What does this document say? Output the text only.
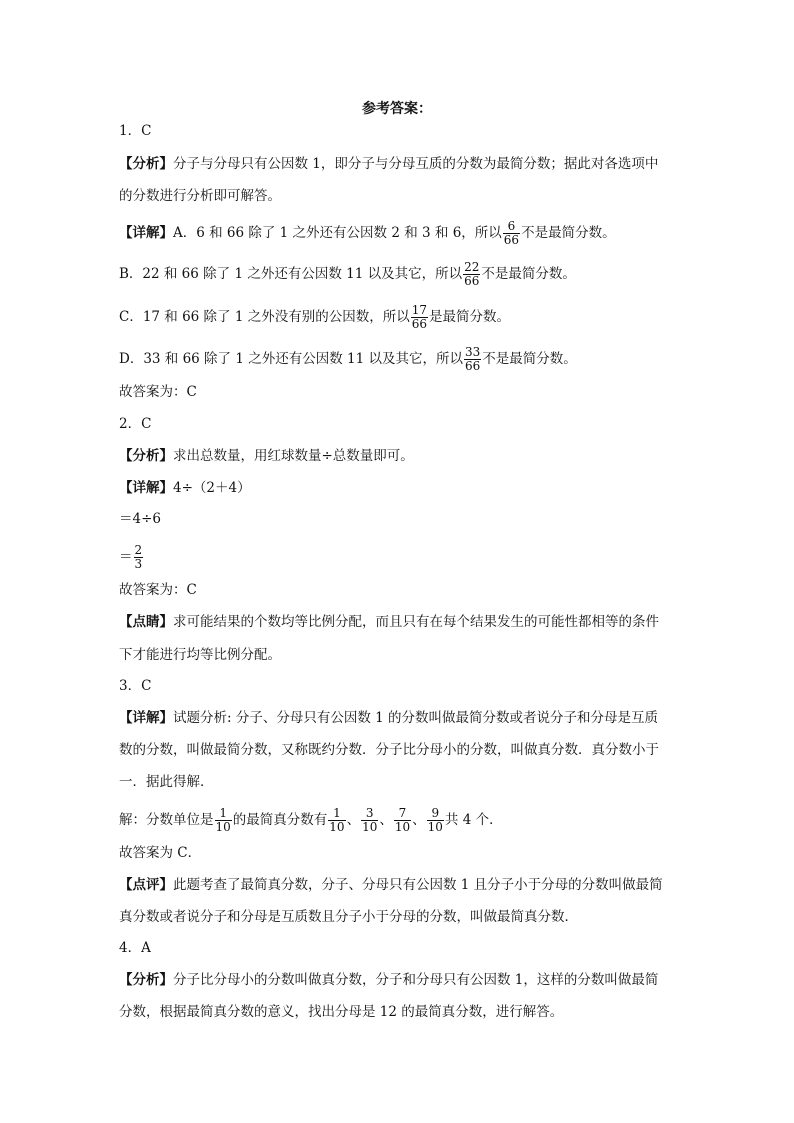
参考答案：
1．C
【分析】分子与分母只有公因数 1，即分子与分母互质的分数为最简分数；据此对各选项中
的分数进行分析即可解答。
【详解】A．6 和 66 除了 1 之外还有公因数 2 和 3 和 6，所以 $\frac{6}{66}$ 不是最简分数。
B．22 和 66 除了 1 之外还有公因数 11 以及其它，所以 $\frac{22}{66}$ 不是最简分数。
C．17 和 66 除了 1 之外没有别的公因数，所以 $\frac{17}{66}$ 是最简分数。
D．33 和 66 除了 1 之外还有公因数 11 以及其它，所以 $\frac{33}{66}$ 不是最简分数。
故答案为：C
2．C
【分析】求出总数量，用红球数量÷总数量即可。
【详解】4÷（2＋4）
＝4÷6
＝ $\frac{2}{3}$
故答案为：C
【点睛】求可能结果的个数均等比例分配，而且只有在每个结果发生的可能性都相等的条件
下才能进行均等比例分配。
3．C
【详解】试题分析: 分子、分母只有公因数 1 的分数叫做最简分数或者说分子和分母是互质
数的分数，叫做最简分数，又称既约分数．分子比分母小的分数，叫做真分数．真分数小于
一．据此得解．
解：分数单位是 $\frac{1}{10}$ 的最简真分数有 $\frac{1}{10}$ 、 $\frac{3}{10}$ 、 $\frac{7}{10}$ 、 $\frac{9}{10}$ 共 4 个．
故答案为 C．
【点评】此题考查了最简真分数，分子、分母只有公因数 1 且分子小于分母的分数叫做最简
真分数或者说分子和分母是互质数且分子小于分母的分数，叫做最简真分数．
4．A
【分析】分子比分母小的分数叫做真分数，分子和分母只有公因数 1，这样的分数叫做最简
分数，根据最简真分数的意义，找出分母是 12 的最简真分数，进行解答。
